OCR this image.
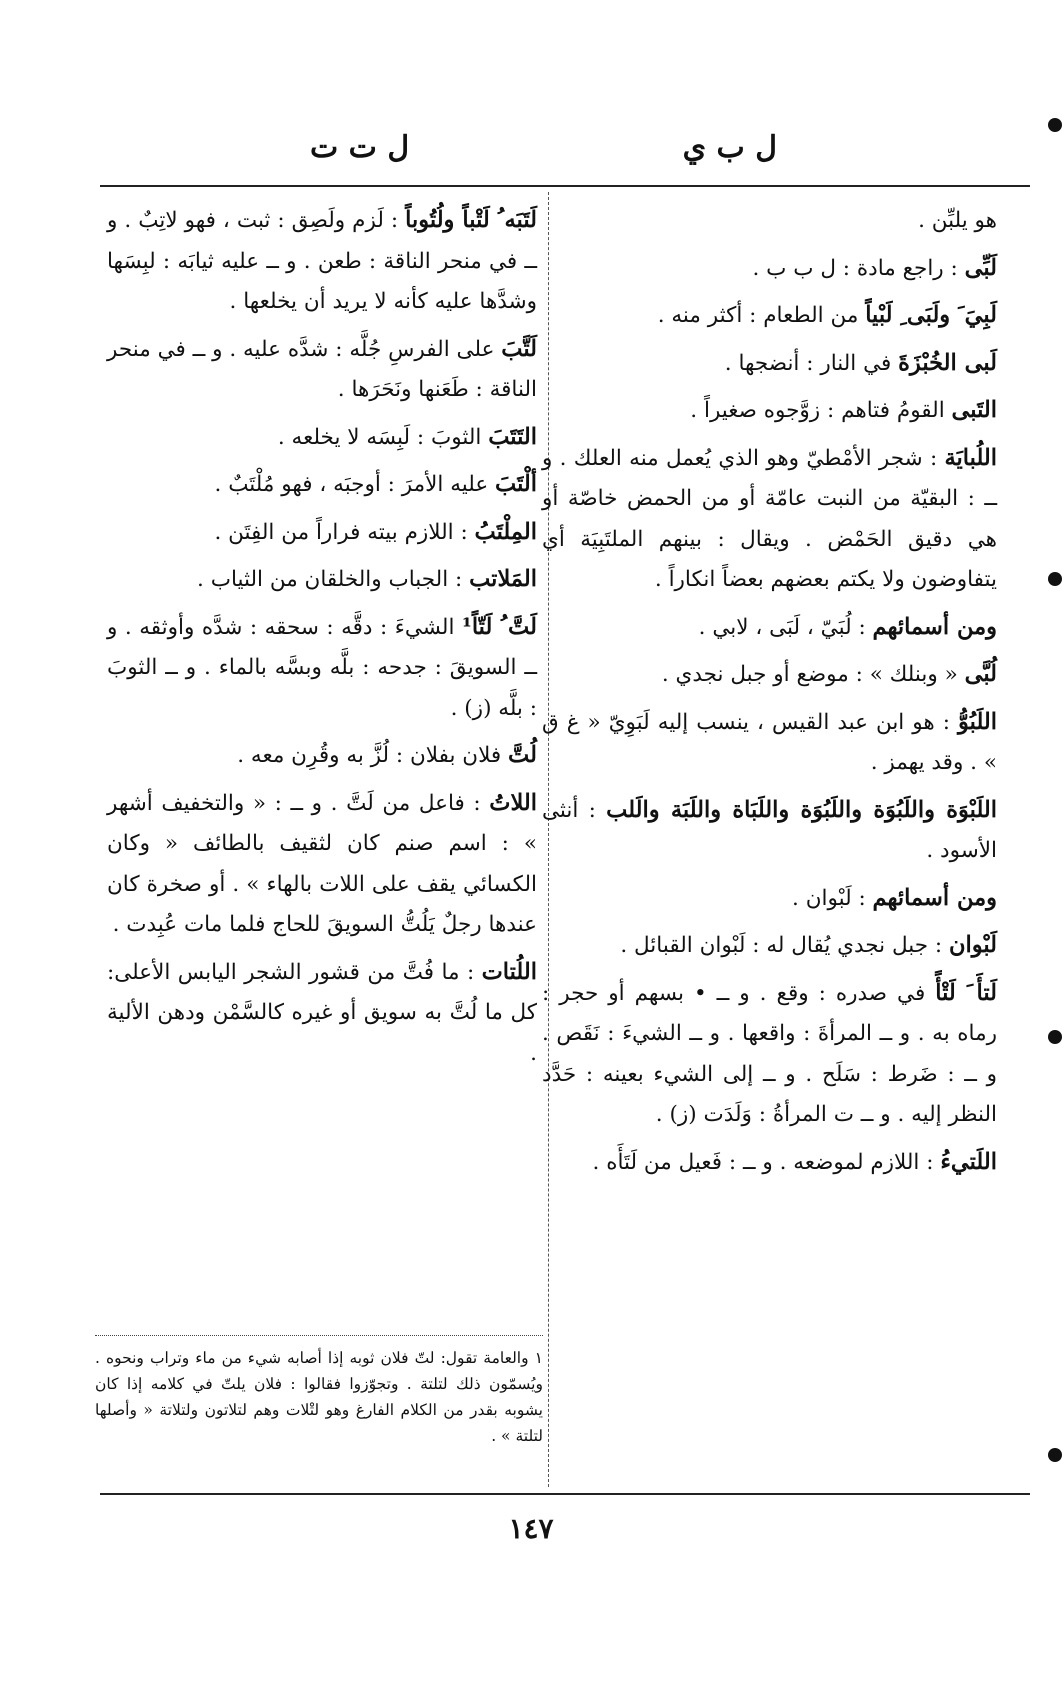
ل ب ي
ل ت ت

هو يلبِّن .

لَبِّى : راجع مادة : ل ب ب .

لَبِيَ َ ولَبَى ِ لَبْياً من الطعام : أكثر منه .

لَبى الخُبْزَةَ في النار : أنضجها .

التَبى القومُ فتاهم : زوَّجوه صغيراً .

اللُبايَة : شجر الأمْطيّ وهو الذي يُعمل منه العلك . و ــ : البقيّة من النبت عامّة أو من الحمض خاصّة أو هي دقيق الحَمْض . ويقال : بينهم الملتَبِيَة أي يتفاوضون ولا يكتم بعضهم بعضاً انكاراً .

ومن أسمائهم : لُبَيّ ، لَبَى ، لابي .

لُبَّى « وبنلك » : موضع أو جبل نجدي .

اللَبُوُّ : هو ابن عبد القيس ، ينسب إليه لَبَوِيّ « غ ق » . وقد يهمز .

اللَبْوَة واللَبُوَة واللَبُوَة واللَبَاة واللَبَة والَلب : أنثى الأسود .

ومن أسمائهم : لَبْوان .

لَبْوان : جبل نجدي يُقال له : لَبْوان القبائل .

لَتأَ َ لَتْأً في صدره : وقع . و ــ • بسهم أو حجر : رماه به . و ــ المرأةَ : واقعها . و ــ الشيءَ : نَقَص . و ــ : ضَرط : سَلَح . و ــ إلى الشيء بعينه : حَدَّد النظر إليه . و ــ ت المرأةُ : وَلَدَت (ز) .

اللَتيءُ : اللازم لموضعه . و ــ : فَعيل من لَتَأَه .

لَتَبَه ُ لَتْباً ولُتُوباً : لَزم ولَصِق : ثبت ، فهو لاتِبٌ . و ــ في منحر الناقة : طعن . و ــ عليه ثيابَه : لبِسَها وشدَّها عليه كأنه لا يريد أن يخلعها .

لَتَّبَ على الفرسِ جُلَّه : شدَّه عليه . و ــ في منحر الناقة : طَعَنها ونَحَرَها .

التَتَبَ الثوبَ : لَبِسَه لا يخلعه .

ألْتَبَ عليه الأمرَ : أوجبَه ، فهو مُلْتَبٌ .

المِلْتَبُ : اللازم بيته فراراً من الفِتَن .

المَلاتب : الجباب والخلقان من الثياب .

لَتَّ ُ لَتّاً¹ الشيءَ : دقَّه : سحقه : شدَّه وأوثقه . و ــ السويقَ : جدحه : بلَّه وبسَّه بالماء . و ــ الثوبَ : بلَّه (ز) .

لُتَّ فلان بفلان : لُزَّ به وقُرِن معه .

اللاتُ : فاعل من لَتَّ . و ــ : « والتخفيف أشهر » : اسم صنم كان لثقيف بالطائف « وكان الكسائي يقف على اللات بالهاء » . أو صخرة كان عندها رجلٌ يَلُتُّ السويقَ للحاج فلما مات عُبِدت .

اللُتات : ما فُتَّ من قشور الشجر اليابس الأعلى: كل ما لُتَّ به سويق أو غيره كالسَّمْن ودهن الألية .

١ والعامة تقول: لتّ فلان ثوبه إذا أصابه شيء من ماء وتراب ونحوه . ويُسمّون ذلك لتلتة . وتجوّزوا فقالوا : فلان يلتّ في كلامه إذا كان يشوبه بقدر من الكلام الفارغ وهو لتْلات وهم لتلاتون ولتلاتة « وأصلها لتلتة » .
١٤٧
